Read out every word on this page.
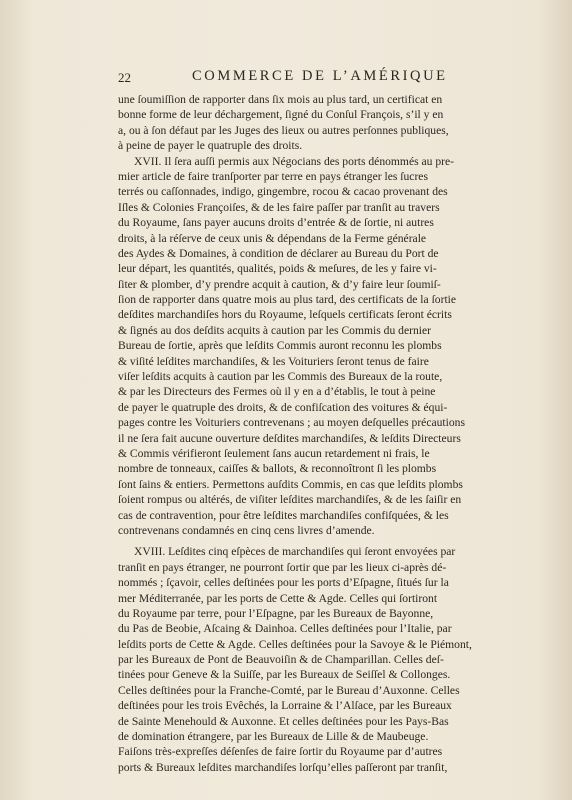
22	COMMERCE DE L’AMÉRIQUE
une ſoumiſſion de rapporter dans ſix mois au plus tard, un certificat en
bonne forme de leur déchargement, ſigné du Conſul François, s’il y en
a, ou à ſon défaut par les Juges des lieux ou autres perſonnes publiques,
à peine de payer le quatruple des droits.
XVII. Il ſera auſſi permis aux Négocians des ports dénommés au pre-
mier article de faire tranſporter par terre en pays étranger les ſucres
terrés ou caſſonnades, indigo, gingembre, rocou & cacao provenant des
Iſles & Colonies Françoiſes, & de les faire paſſer par tranſit au travers
du Royaume, ſans payer aucuns droits d’entrée & de ſortie, ni autres
droits, à la réſerve de ceux unis & dépendans de la Ferme générale
des Aydes & Domaines, à condition de déclarer au Bureau du Port de
leur départ, les quantités, qualités, poids & meſures, de les y faire vi-
ſiter & plomber, d’y prendre acquit à caution, & d’y faire leur ſoumiſ-
ſion de rapporter dans quatre mois au plus tard, des certificats de la ſortie
deſdites marchandiſes hors du Royaume, leſquels certificats ſeront écrits
& ſignés au dos deſdits acquits à caution par les Commis du dernier
Bureau de ſortie, après que leſdits Commis auront reconnu les plombs
& viſité leſdites marchandiſes, & les Voituriers ſeront tenus de faire
viſer leſdits acquits à caution par les Commis des Bureaux de la route,
& par les Directeurs des Fermes où il y en a d’établis, le tout à peine
de payer le quatruple des droits, & de confiſcation des voitures & équi-
pages contre les Voituriers contrevenans ; au moyen deſquelles précautions
il ne ſera fait aucune ouverture deſdites marchandiſes, & leſdits Directeurs
& Commis vérifieront ſeulement ſans aucun retardement ni frais, le
nombre de tonneaux, caiſſes & ballots, & reconnoîtront ſi les plombs
ſont ſains & entiers. Permettons auſdits Commis, en cas que leſdits plombs
ſoient rompus ou altérés, de viſiter leſdites marchandiſes, & de les ſaiſir en
cas de contravention, pour être leſdites marchandiſes confiſquées, & les
contrevenans condamnés en cinq cens livres d’amende.
XVIII. Leſdites cinq eſpèces de marchandiſes qui ſeront envoyées par
tranſit en pays étranger, ne pourront ſortir que par les lieux ci-après dé-
nommés ; ſçavoir, celles deſtinées pour les ports d’Eſpagne, ſitués ſur la
mer Méditerranée, par les ports de Cette & Agde. Celles qui ſortiront
du Royaume par terre, pour l’Eſpagne, par les Bureaux de Bayonne,
du Pas de Beobie, Aſcaing & Dainhoa. Celles deſtinées pour l’Italie, par
leſdits ports de Cette & Agde. Celles deſtinées pour la Savoye & le Piémont,
par les Bureaux de Pont de Beauvoiſin & de Champarillan. Celles deſ-
tinées pour Geneve & la Suiſſe, par les Bureaux de Seiſſel & Collonges.
Celles deſtinées pour la Franche-Comté, par le Bureau d’Auxonne. Celles
deſtinées pour les trois Evêchés, la Lorraine & l’Alſace, par les Bureaux
de Sainte Menehould & Auxonne. Et celles deſtinées pour les Pays-Bas
de domination étrangere, par les Bureaux de Lille & de Maubeuge.
Faiſons très-expreſſes déſenſes de faire ſortir du Royaume par d’autres
ports & Bureaux leſdites marchandiſes lorſqu’elles paſſeront par tranſit,
